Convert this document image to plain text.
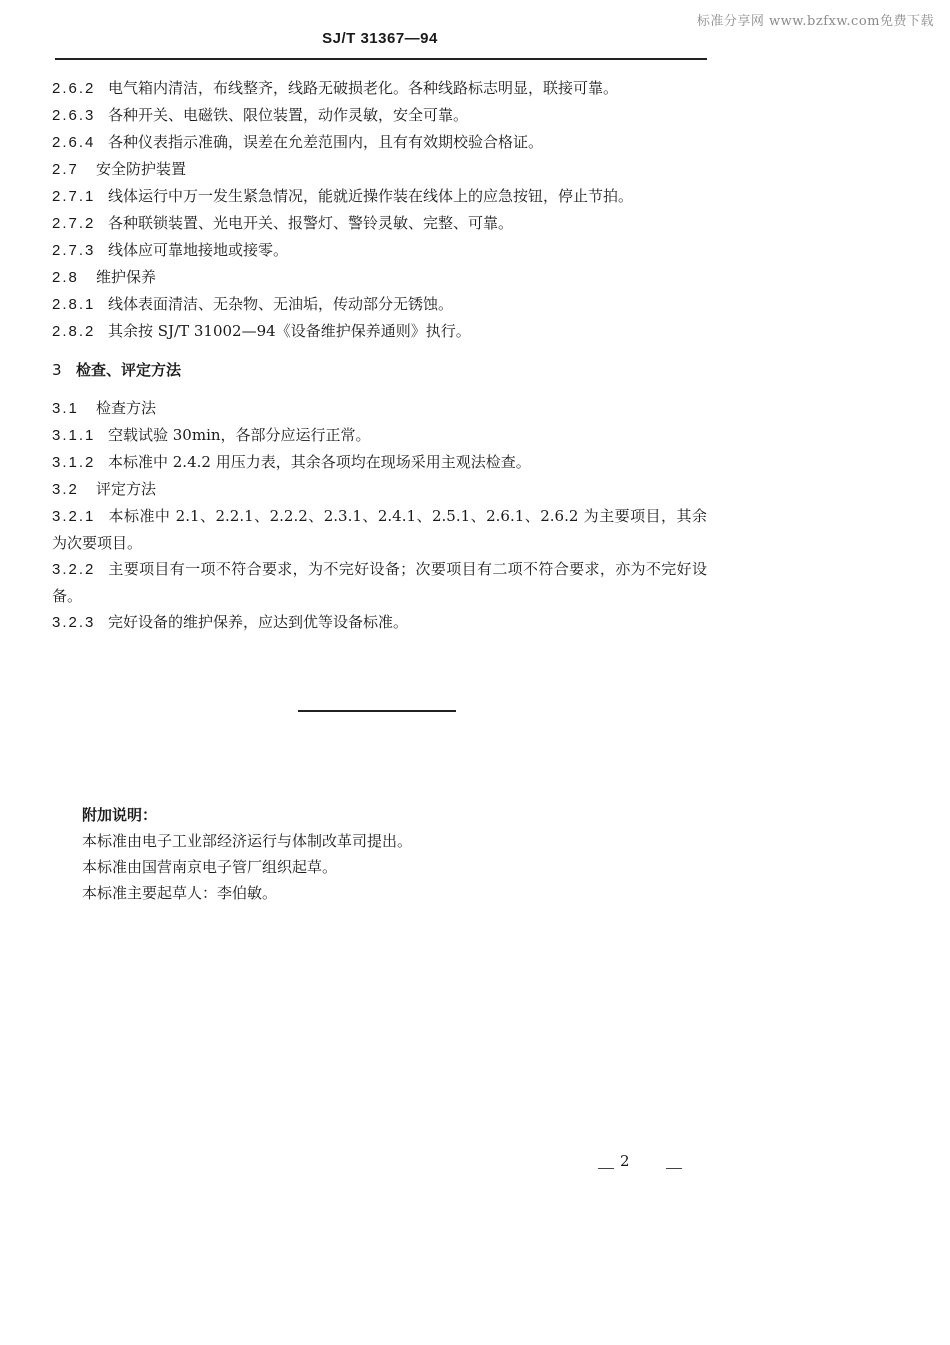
标准分享网 www.bzfxw.com免费下载
SJ/T 31367—94
2.6.2 电气箱内清洁，布线整齐，线路无破损老化。各种线路标志明显，联接可靠。
2.6.3 各种开关、电磁铁、限位装置，动作灵敏，安全可靠。
2.6.4 各种仪表指示准确，误差在允差范围内，且有有效期校验合格证。
2.7 安全防护装置
2.7.1 线体运行中万一发生紧急情况，能就近操作装在线体上的应急按钮，停止节拍。
2.7.2 各种联锁装置、光电开关、报警灯、警铃灵敏、完整、可靠。
2.7.3 线体应可靠地接地或接零。
2.8 维护保养
2.8.1 线体表面清洁、无杂物、无油垢，传动部分无锈蚀。
2.8.2 其余按 SJ/T 31002—94《设备维护保养通则》执行。
3 检查、评定方法
3.1 检查方法
3.1.1 空载试验 30min，各部分应运行正常。
3.1.2 本标准中 2.4.2 用压力表，其余各项均在现场采用主观法检查。
3.2 评定方法
3.2.1 本标准中 2.1、2.2.1、2.2.2、2.3.1、2.4.1、2.5.1、2.6.1、2.6.2 为主要项目，其余为次要项目。
3.2.2 主要项目有一项不符合要求，为不完好设备；次要项目有二项不符合要求，亦为不完好设备。
3.2.3 完好设备的维护保养，应达到优等设备标准。
附加说明：
本标准由电子工业部经济运行与体制改革司提出。
本标准由国营南京电子管厂组织起草。
本标准主要起草人：李伯敏。
2
